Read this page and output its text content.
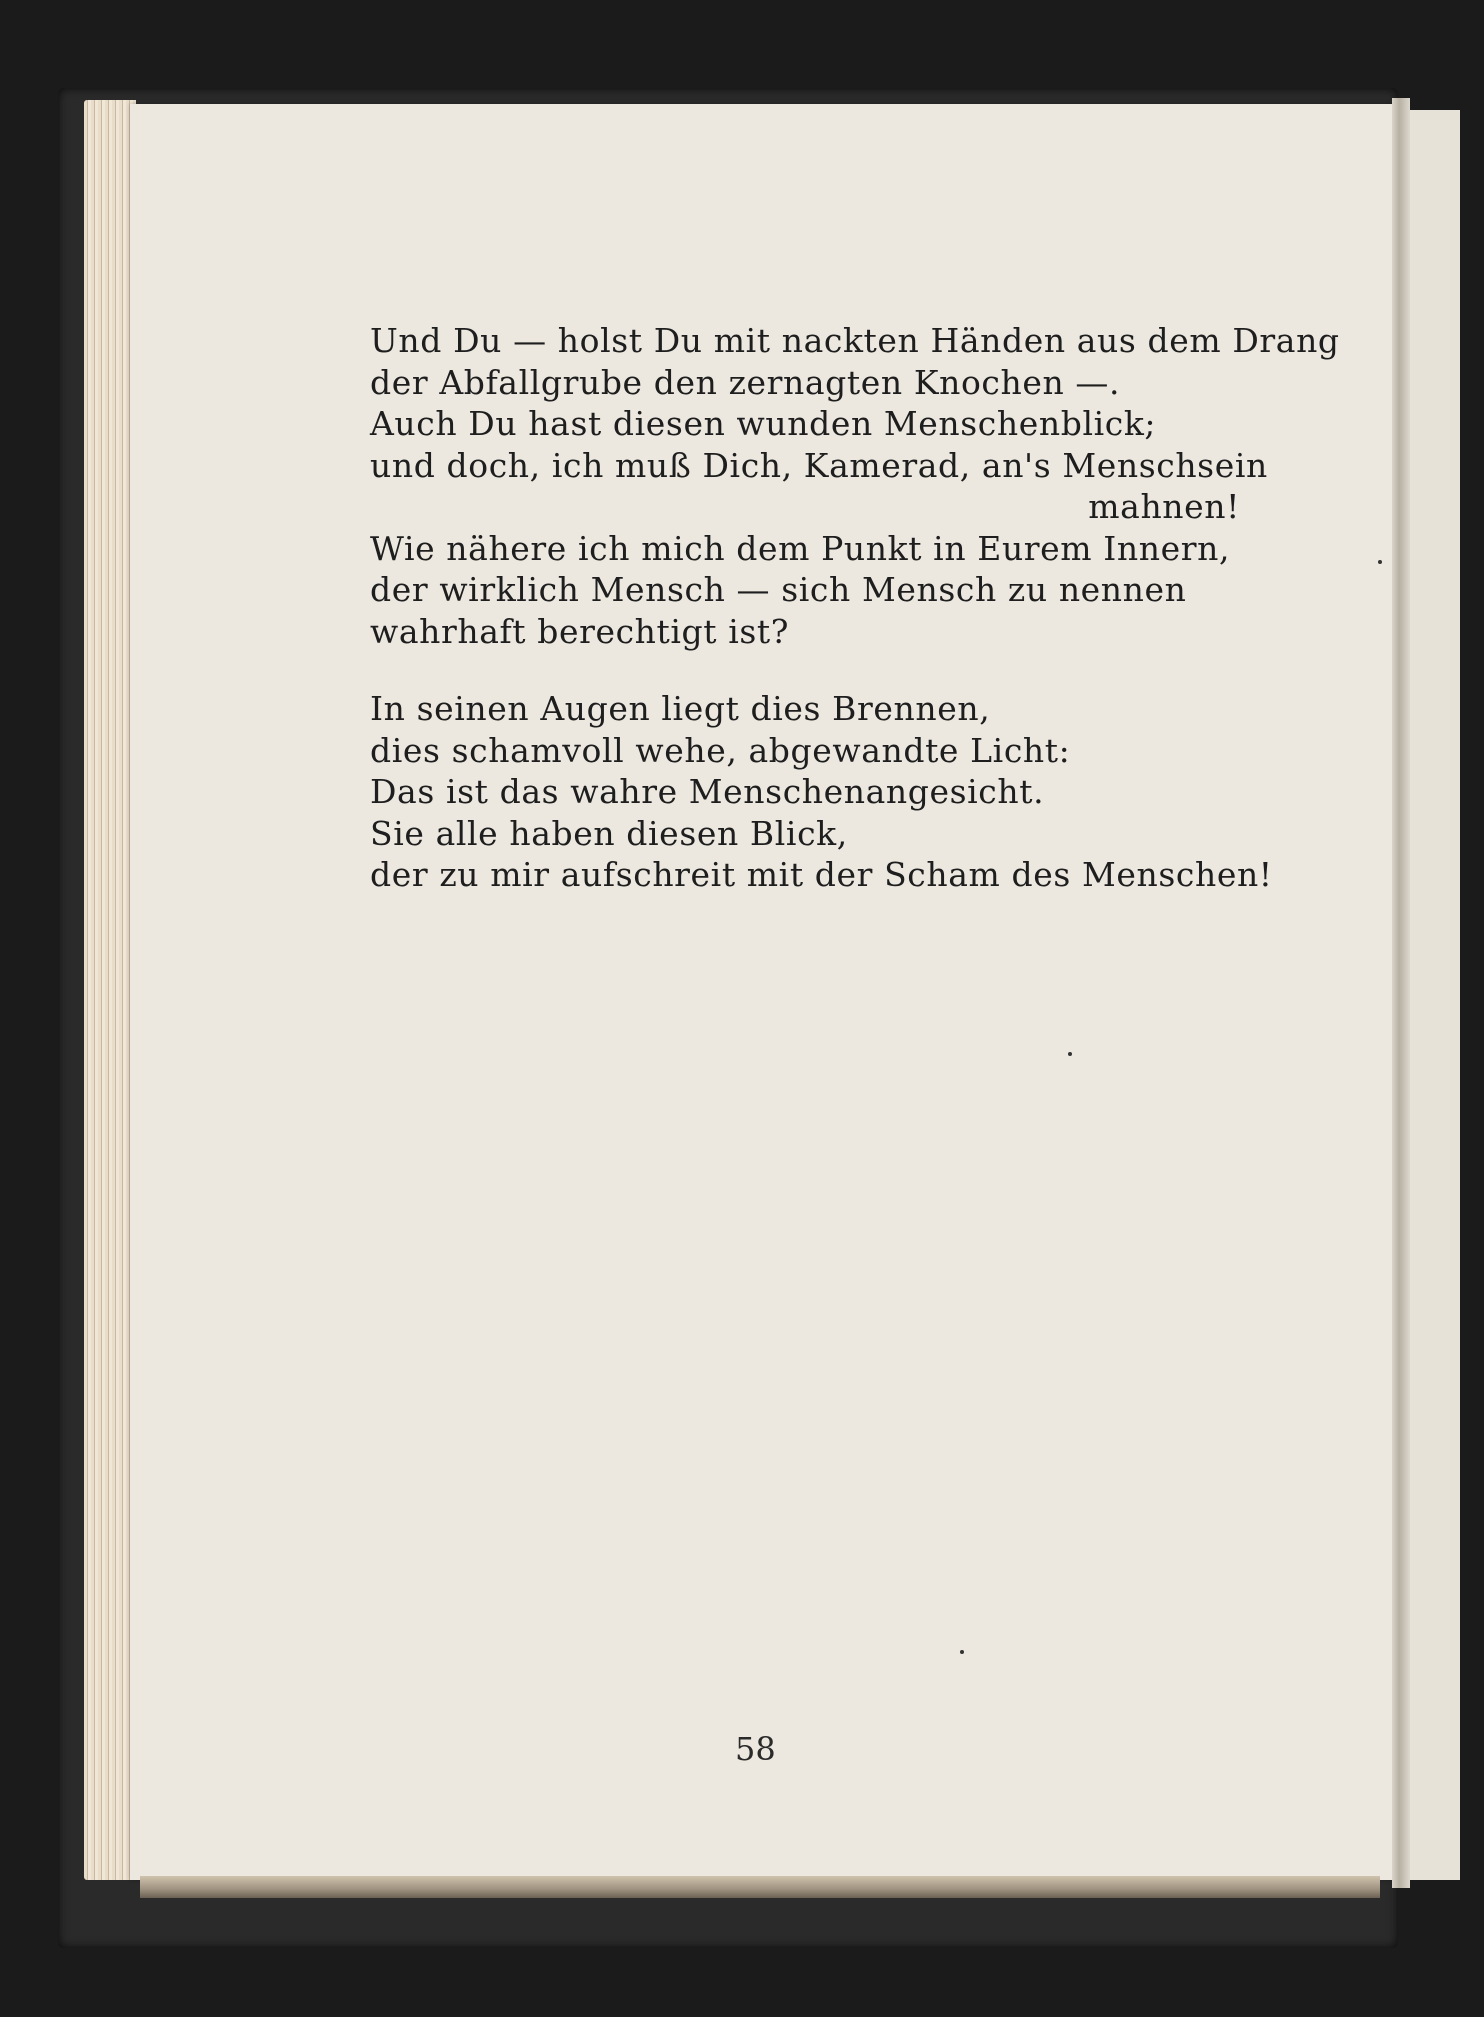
Und Du — holst Du mit nackten Händen aus dem Drang
der Abfallgrube den zernagten Knochen —.
Auch Du hast diesen wunden Menschenblick;
und doch, ich muß Dich, Kamerad, an's Menschsein
mahnen!
Wie nähere ich mich dem Punkt in Eurem Innern,
der wirklich Mensch — sich Mensch zu nennen
wahrhaft berechtigt ist?
In seinen Augen liegt dies Brennen,
dies schamvoll wehe, abgewandte Licht:
Das ist das wahre Menschenangesicht.
Sie alle haben diesen Blick,
der zu mir aufschreit mit der Scham des Menschen!
58
